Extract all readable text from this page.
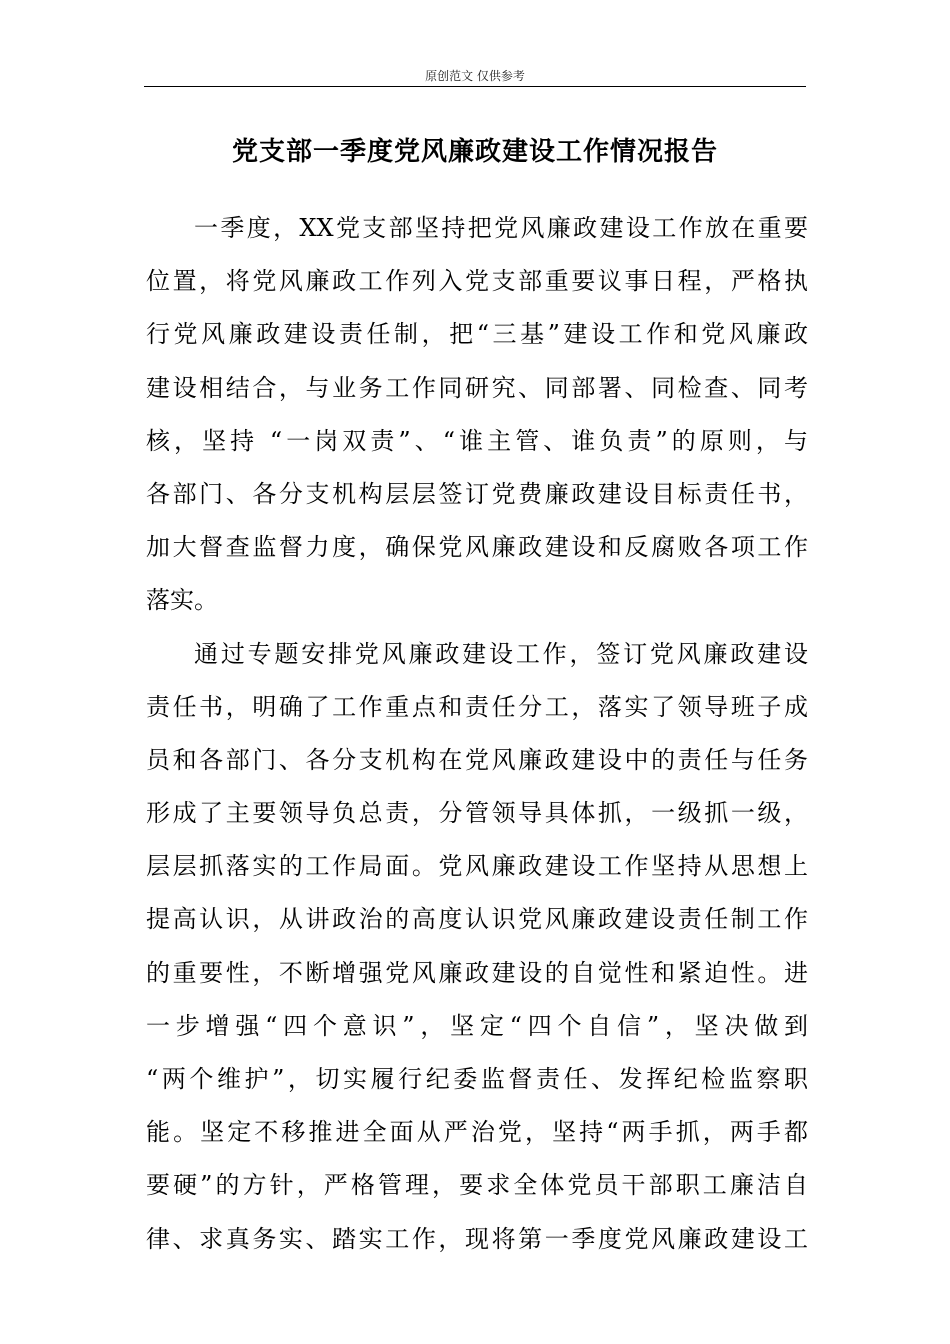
原创范文 仅供参考
党支部一季度党风廉政建设工作情况报告
一季度，XX党支部坚持把党风廉政建设工作放在重要
位置，将党风廉政工作列入党支部重要议事日程，严格执
行党风廉政建设责任制，把“三基”建设工作和党风廉政
建设相结合，与业务工作同研究、同部署、同检查、同考
核，坚持 “一岗双责”、“谁主管、谁负责”的原则，与
各部门、各分支机构层层签订党费廉政建设目标责任书，
加大督查监督力度，确保党风廉政建设和反腐败各项工作
落实。
通过专题安排党风廉政建设工作，签订党风廉政建设
责任书，明确了工作重点和责任分工，落实了领导班子成
员和各部门、各分支机构在党风廉政建设中的责任与任务
形成了主要领导负总责，分管领导具体抓，一级抓一级，
层层抓落实的工作局面。党风廉政建设工作坚持从思想上
提高认识，从讲政治的高度认识党风廉政建设责任制工作
的重要性，不断增强党风廉政建设的自觉性和紧迫性。进
一步增强“四个意识”，坚定“四个自信”，坚决做到
“两个维护”，切实履行纪委监督责任、发挥纪检监察职
能。坚定不移推进全面从严治党，坚持“两手抓，两手都
要硬”的方针，严格管理，要求全体党员干部职工廉洁自
律、求真务实、踏实工作，现将第一季度党风廉政建设工
